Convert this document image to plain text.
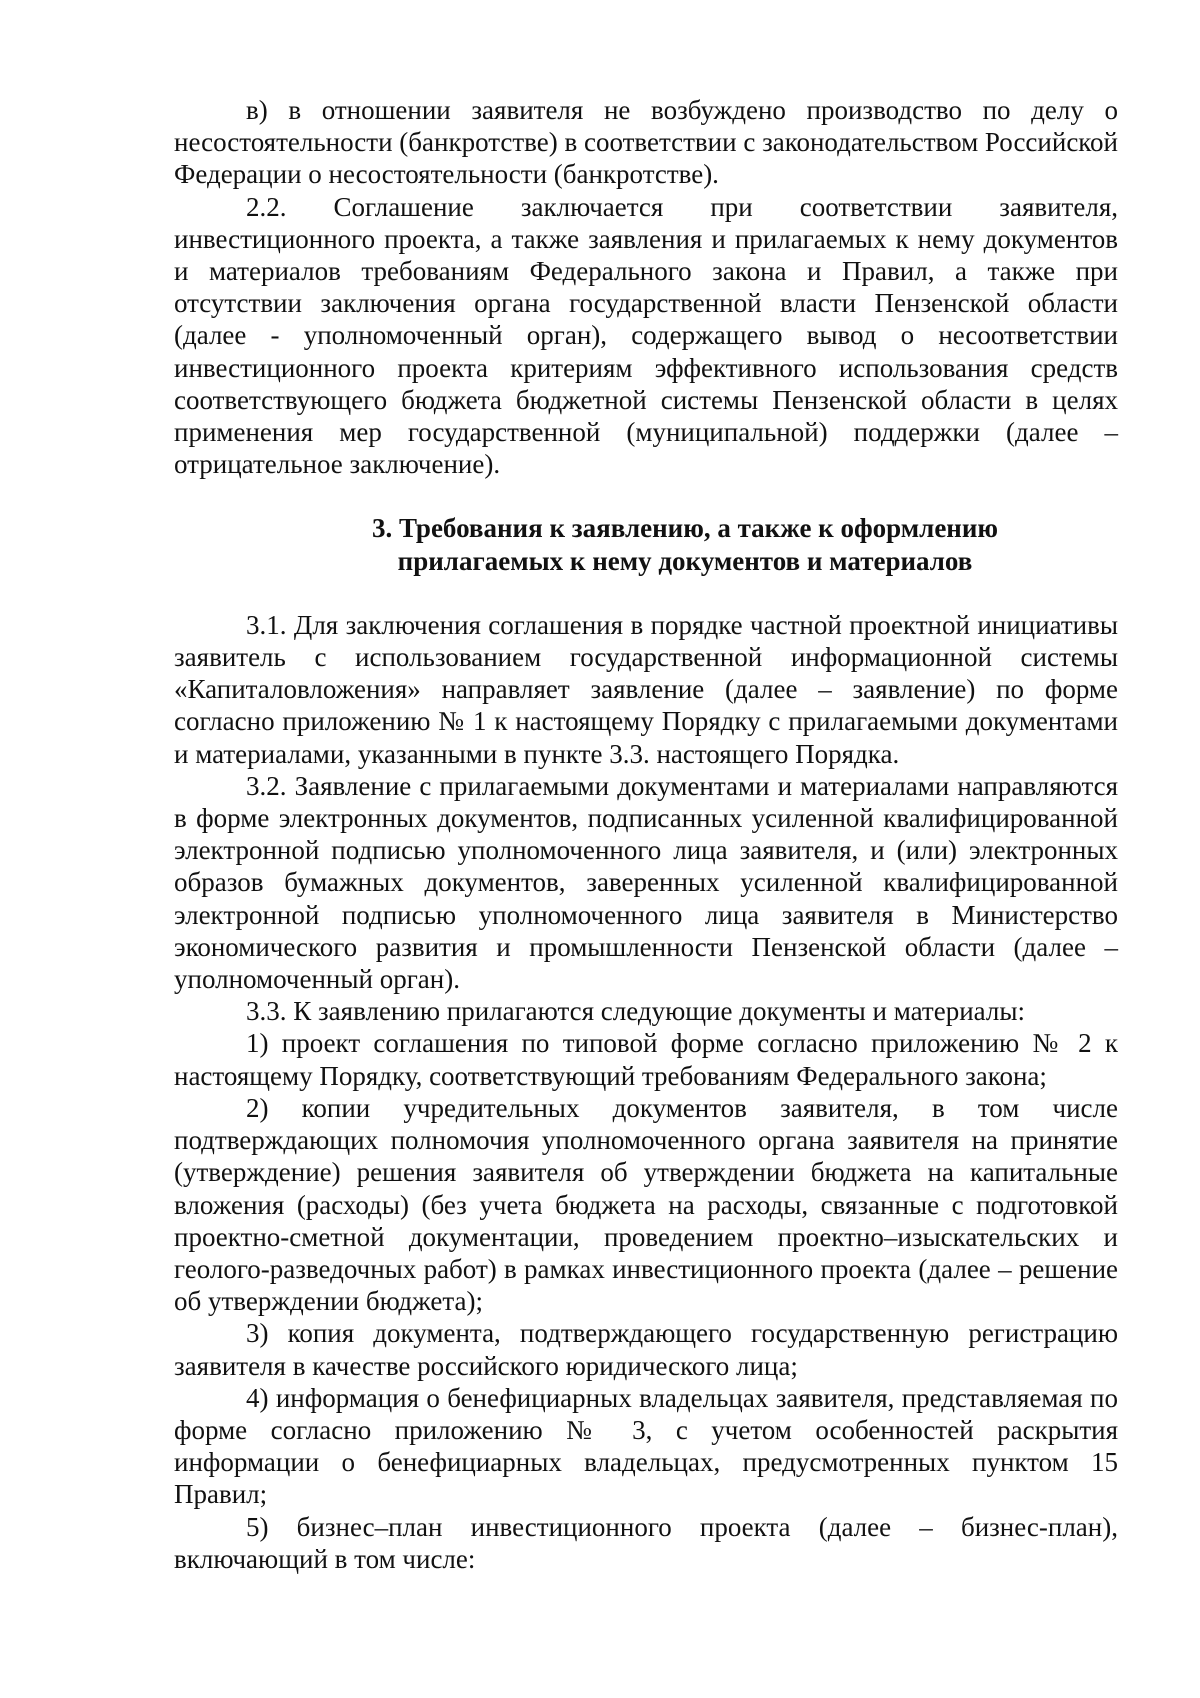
в) в отношении заявителя не возбуждено производство по делу о несостоятельности (банкротстве) в соответствии с законодательством Российской Федерации о несостоятельности (банкротстве).

2.2. Соглашение заключается при соответствии заявителя, инвестиционного проекта, а также заявления и прилагаемых к нему документов и материалов требованиям Федерального закона и Правил, а также при отсутствии заключения органа государственной власти Пензенской области (далее - уполномоченный орган), содержащего вывод о несоответствии инвестиционного проекта критериям эффективного использования средств соответствующего бюджета бюджетной системы Пензенской области в целях применения мер государственной (муниципальной) поддержки (далее – отрицательное заключение).

3. Требования к заявлению, а также к оформлению

прилагаемых к нему документов и материалов

3.1. Для заключения соглашения в порядке частной проектной инициативы заявитель с использованием государственной информационной системы «Капиталовложения» направляет заявление (далее – заявление) по форме согласно приложению № 1 к настоящему Порядку с прилагаемыми документами и материалами, указанными в пункте 3.3. настоящего Порядка.

3.2. Заявление с прилагаемыми документами и материалами направляются в форме электронных документов, подписанных усиленной квалифицированной электронной подписью уполномоченного лица заявителя, и (или) электронных образов бумажных документов, заверенных усиленной квалифицированной электронной подписью уполномоченного лица заявителя в Министерство экономического развития и промышленности Пензенской области (далее – уполномоченный орган).

3.3. К заявлению прилагаются следующие документы и материалы:

1) проект соглашения по типовой форме согласно приложению № 2 к настоящему Порядку, соответствующий требованиям Федерального закона;

2) копии учредительных документов заявителя, в том числе подтверждающих полномочия уполномоченного органа заявителя на принятие (утверждение) решения заявителя об утверждении бюджета на капитальные вложения (расходы) (без учета бюджета на расходы, связанные с подготовкой проектно-сметной документации, проведением проектно–изыскательских и геолого-разведочных работ) в рамках инвестиционного проекта (далее – решение об утверждении бюджета);

3) копия документа, подтверждающего государственную регистрацию заявителя в качестве российского юридического лица;

4) информация о бенефициарных владельцах заявителя, представляемая по форме согласно приложению № 3, с учетом особенностей раскрытия информации о бенефициарных владельцах, предусмотренных пунктом 15 Правил;

5) бизнес–план инвестиционного проекта (далее – бизнес-план), включающий в том числе:
